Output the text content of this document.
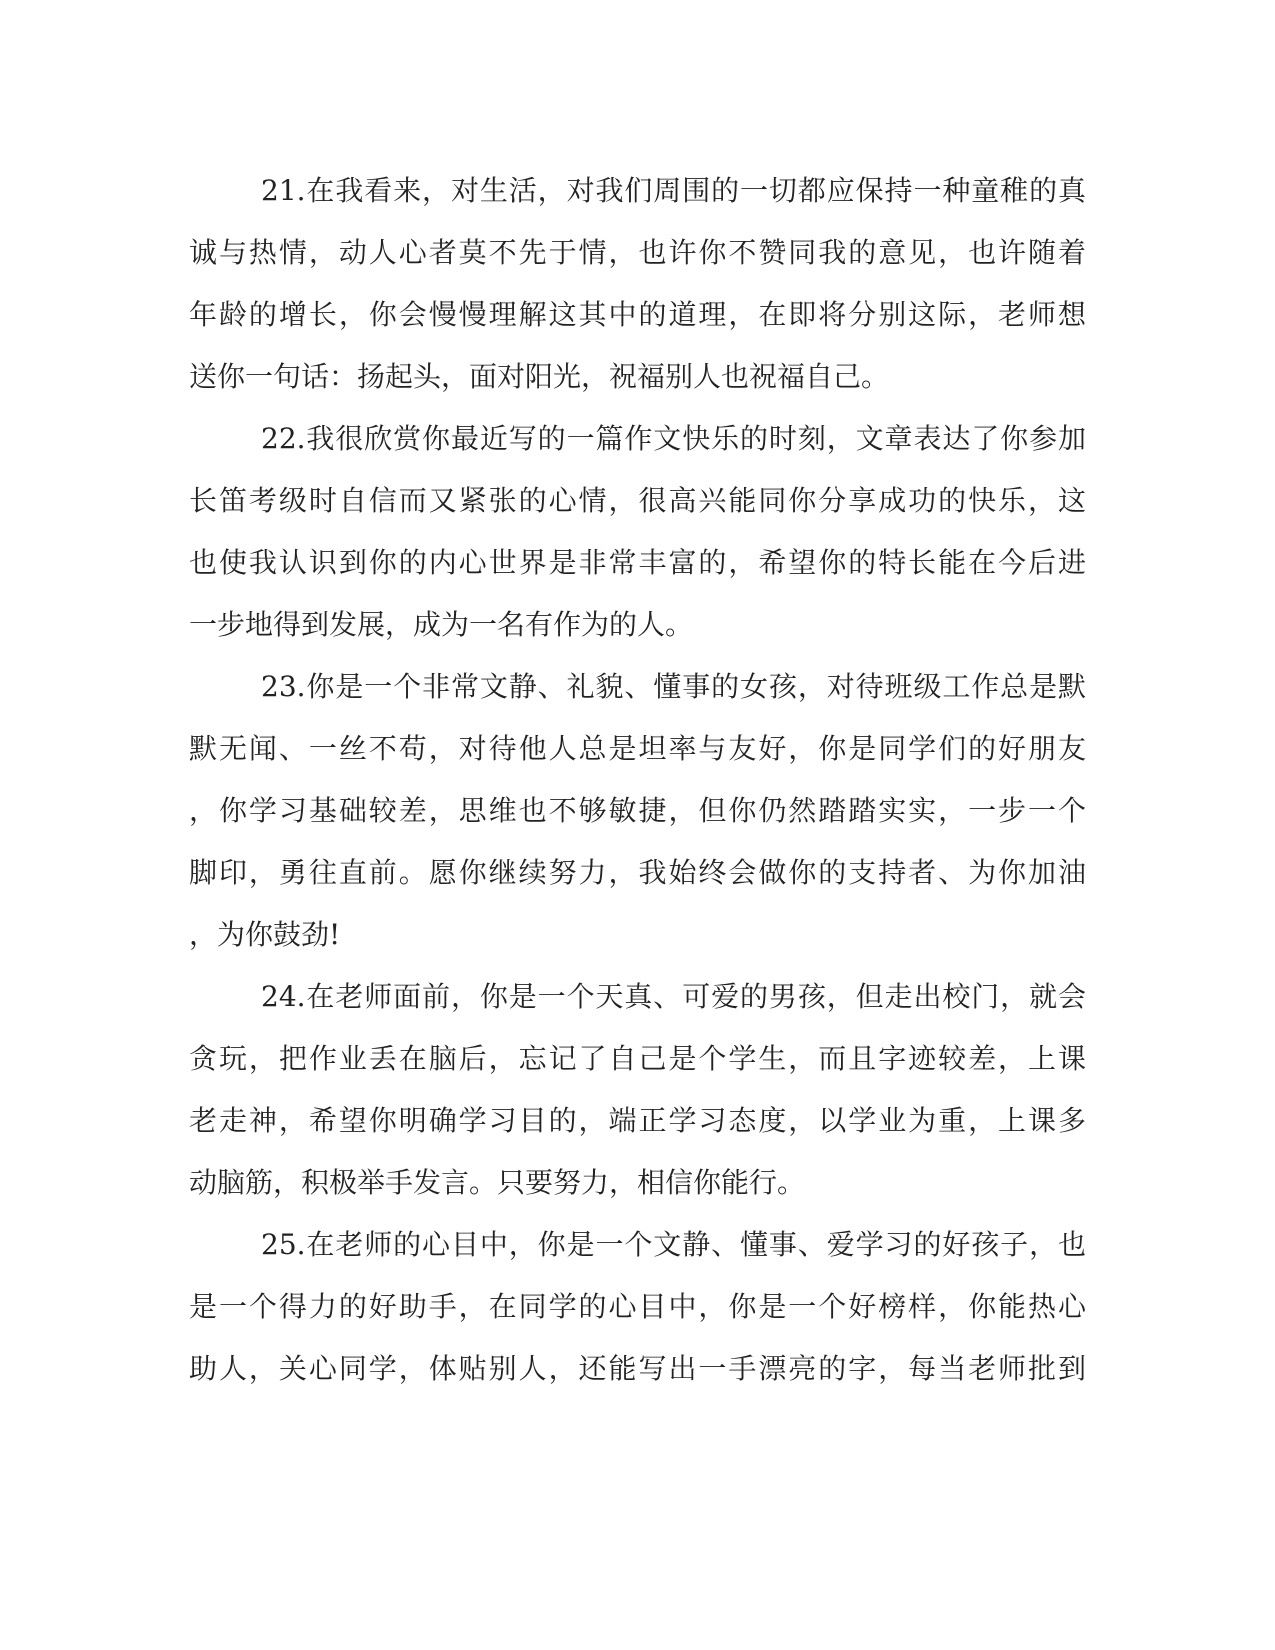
21.在我看来，对生活，对我们周围的一切都应保持一种童稚的真
诚与热情，动人心者莫不先于情，也许你不赞同我的意见，也许随着
年龄的增长，你会慢慢理解这其中的道理，在即将分别这际，老师想
送你一句话：扬起头，面对阳光，祝福别人也祝福自己。
22.我很欣赏你最近写的一篇作文快乐的时刻，文章表达了你参加
长笛考级时自信而又紧张的心情，很高兴能同你分享成功的快乐，这
也使我认识到你的内心世界是非常丰富的，希望你的特长能在今后进
一步地得到发展，成为一名有作为的人。
23.你是一个非常文静、礼貌、懂事的女孩，对待班级工作总是默
默无闻、一丝不苟，对待他人总是坦率与友好，你是同学们的好朋友
，你学习基础较差，思维也不够敏捷，但你仍然踏踏实实，一步一个
脚印，勇往直前。愿你继续努力，我始终会做你的支持者、为你加油
，为你鼓劲!
24.在老师面前，你是一个天真、可爱的男孩，但走出校门，就会
贪玩，把作业丢在脑后，忘记了自己是个学生，而且字迹较差，上课
老走神，希望你明确学习目的，端正学习态度，以学业为重，上课多
动脑筋，积极举手发言。只要努力，相信你能行。
25.在老师的心目中，你是一个文静、懂事、爱学习的好孩子，也
是一个得力的好助手，在同学的心目中，你是一个好榜样，你能热心
助人，关心同学，体贴别人，还能写出一手漂亮的字，每当老师批到
